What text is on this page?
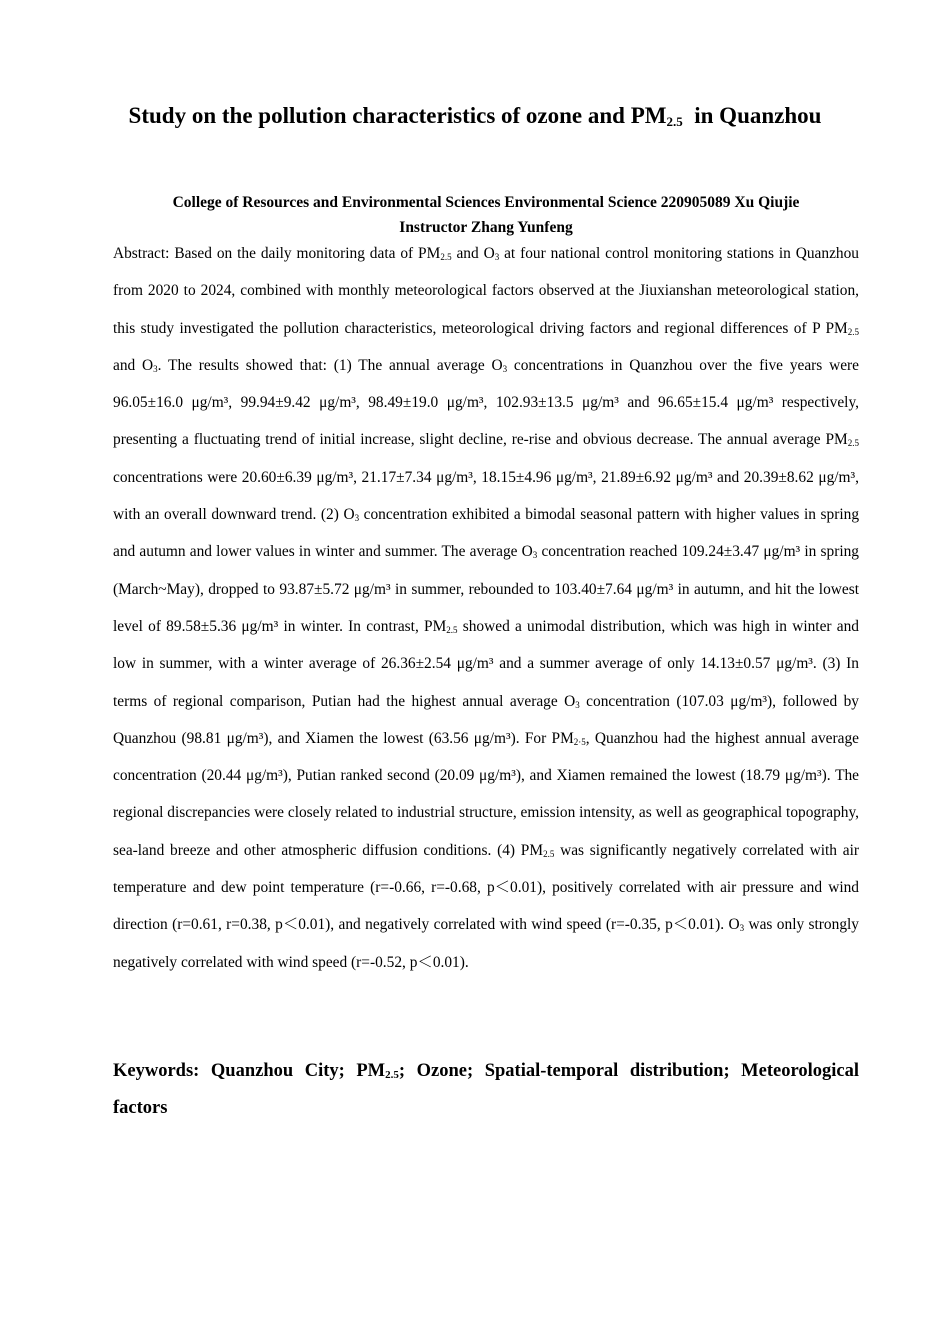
Study on the pollution characteristics of ozone and $PM_{2.5}$  in Quanzhou
College of Resources and Environmental Sciences Environmental Science 220905089 Xu Qiujie
Instructor Zhang Yunfeng
Abstract: Based on the daily monitoring data of $PM_{2.5}$ and $O_3$ at four national control monitoring stations in Quanzhou from 2020 to 2024, combined with monthly meteorological factors observed at the Jiuxianshan meteorological station, this study investigated the pollution characteristics, meteorological driving factors and regional differences of P $PM_{2.5}$ and $O_3$. The results showed that: (1) The annual average $O_3$ concentrations in Quanzhou over the five years were 96.05±16.0 μg/m³, 99.94±9.42 μg/m³, 98.49±19.0 μg/m³, 102.93±13.5 μg/m³ and 96.65±15.4 μg/m³ respectively, presenting a fluctuating trend of initial increase, slight decline, re-rise and obvious decrease. The annual average $PM_{2.5}$ concentrations were 20.60±6.39 μg/m³, 21.17±7.34 μg/m³, 18.15±4.96 μg/m³, 21.89±6.92 μg/m³ and 20.39±8.62 μg/m³, with an overall downward trend. (2) $O_3$ concentration exhibited a bimodal seasonal pattern with higher values in spring and autumn and lower values in winter and summer. The average $O_3$ concentration reached 109.24±3.47 μg/m³ in spring (March~May), dropped to 93.87±5.72 μg/m³ in summer, rebounded to 103.40±7.64 μg/m³ in autumn, and hit the lowest level of 89.58±5.36 μg/m³ in winter. In contrast, $PM_{2.5}$ showed a unimodal distribution, which was high in winter and low in summer, with a winter average of 26.36±2.54 μg/m³ and a summer average of only 14.13±0.57 μg/m³. (3) In terms of regional comparison, Putian had the highest annual average $O_3$ concentration (107.03 μg/m³), followed by Quanzhou (98.81 μg/m³), and Xiamen the lowest (63.56 μg/m³). For $PM_{2\cdot 5}$, Quanzhou had the highest annual average concentration (20.44 μg/m³), Putian ranked second (20.09 μg/m³), and Xiamen remained the lowest (18.79 μg/m³). The regional discrepancies were closely related to industrial structure, emission intensity, as well as geographical topography, sea-land breeze and other atmospheric diffusion conditions. (4) $PM_{2.5}$ was significantly negatively correlated with air temperature and dew point temperature (r=-0.66, r=-0.68, p＜0.01), positively correlated with air pressure and wind direction (r=0.61, r=0.38, p＜0.01), and negatively correlated with wind speed (r=-0.35, p＜0.01). $O_3$ was only strongly negatively correlated with wind speed (r=-0.52, p＜0.01).
Keywords: Quanzhou City; $PM_{2.5}$; Ozone; Spatial-temporal distribution; Meteorological factors
